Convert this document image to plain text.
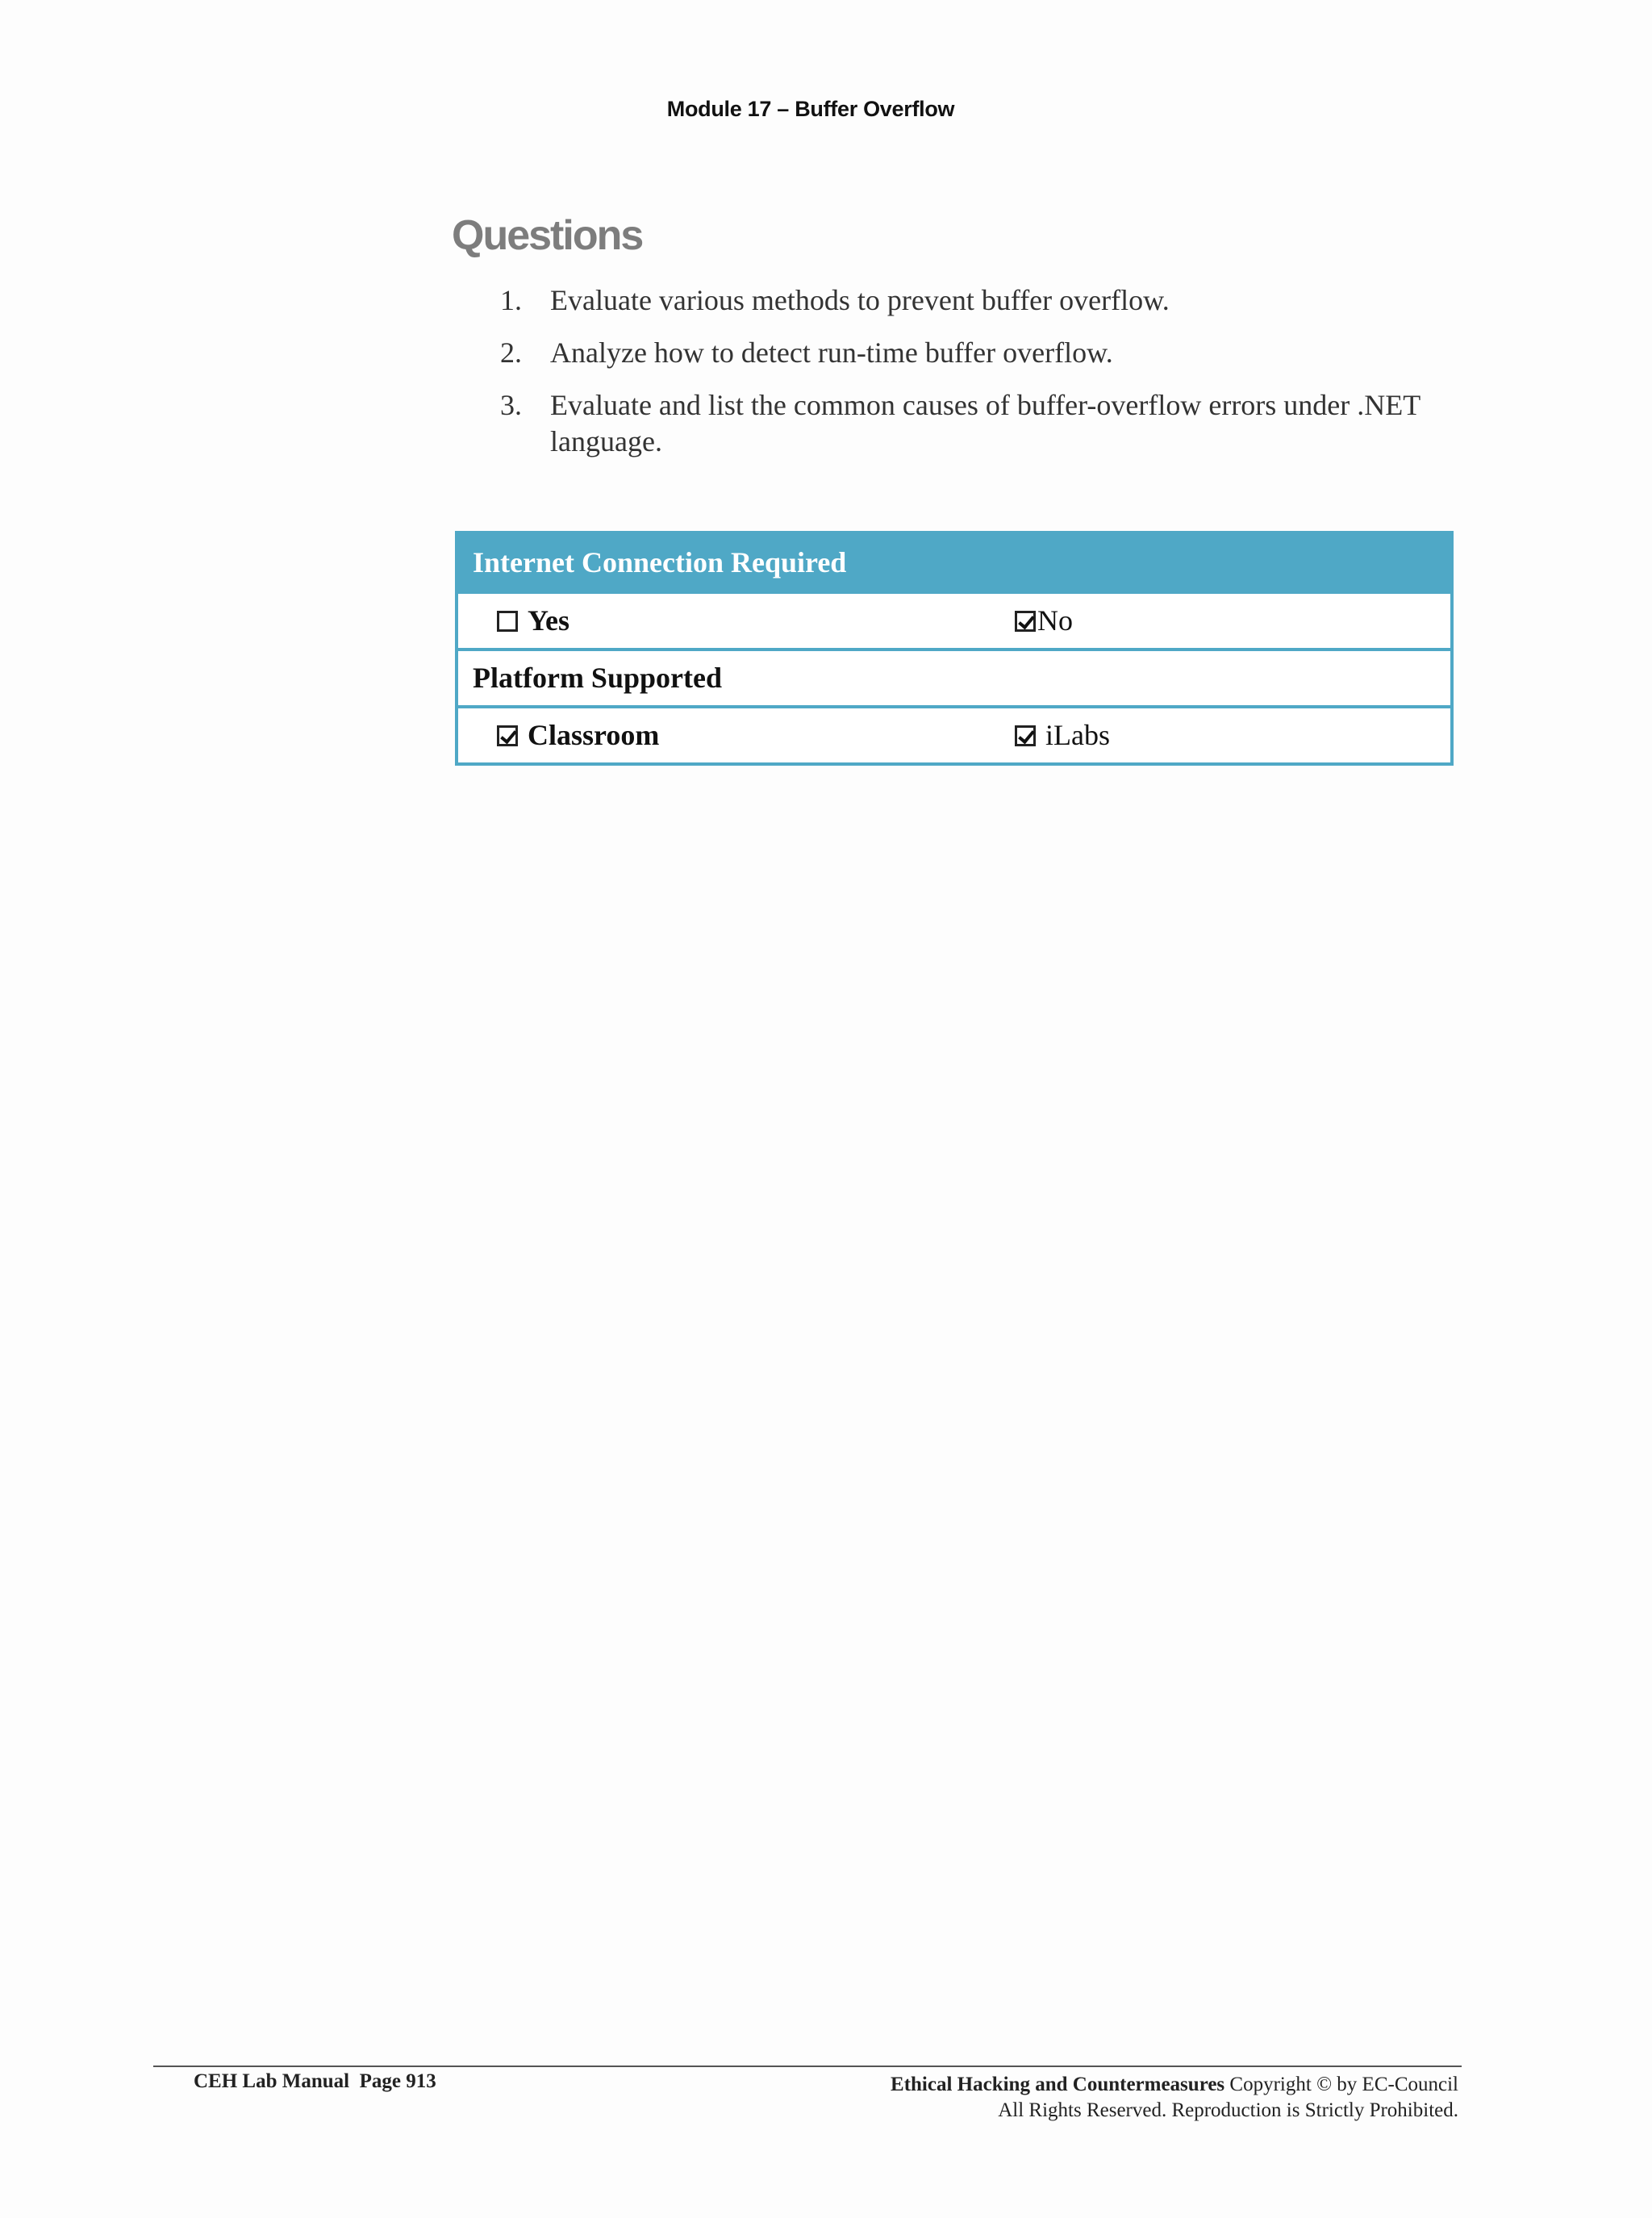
Module 17 – Buffer Overflow
Questions
1. Evaluate various methods to prevent buffer overflow.
2. Analyze how to detect run-time buffer overflow.
3. Evaluate and list the common causes of buffer-overflow errors under .NET language.
Internet Connection Required
Yes	No
Platform Supported
Classroom	iLabs
CEH Lab Manual  Page 913	Ethical Hacking and Countermeasures Copyright © by EC-Council
All Rights Reserved. Reproduction is Strictly Prohibited.
